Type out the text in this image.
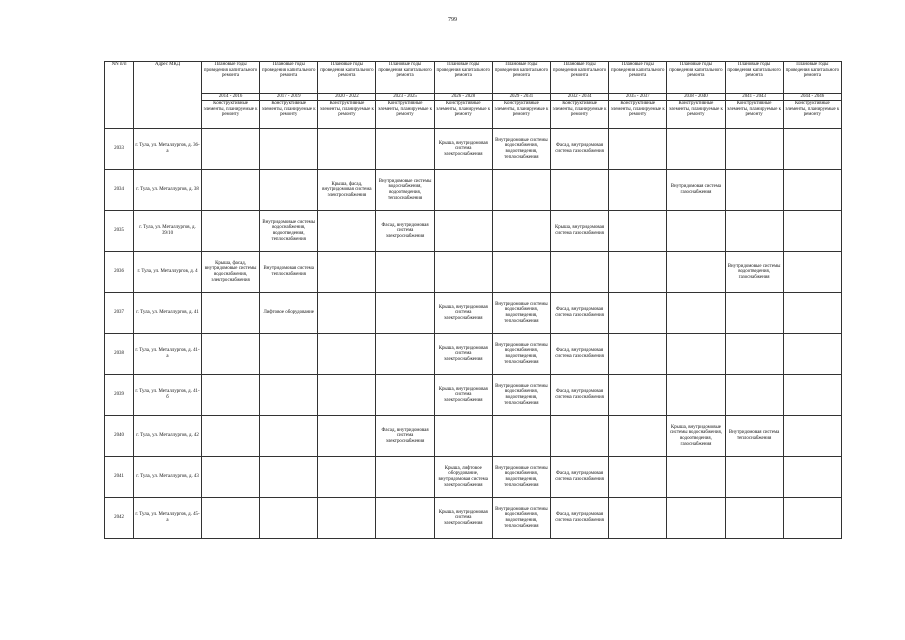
799
NN п/п	Адрес МКД	Плановые годы проведения капитального ремонта	Плановые годы проведения капитального ремонта	Плановые годы проведения капитального ремонта	Плановые годы проведения капитального ремонта	Плановые годы проведения капитального ремонта	Плановые годы проведения капитального ремонта	Плановые годы проведения капитального ремонта	Плановые годы проведения капитального ремонта	Плановые годы проведения капитального ремонта	Плановые годы проведения капитального ремонта	Плановые годы проведения капитального ремонта
		2014 - 2016	2017 - 2019	2020 - 2022	2023 - 2025	2026 - 2028	2029 - 2031	2032 - 2034	2035 - 2037	2038 - 2040	2041 - 2043	2044 - 2046
		Конструктивные элементы, планируемые к ремонту	Конструктивные элементы, планируемые к ремонту	Конструктивные элементы, планируемые к ремонту	Конструктивные элементы, планируемые к ремонту	Конструктивные элементы, планируемые к ремонту	Конструктивные элементы, планируемые к ремонту	Конструктивные элементы, планируемые к ремонту	Конструктивные элементы, планируемые к ремонту	Конструктивные элементы, планируемые к ремонту	Конструктивные элементы, планируемые к ремонту	Конструктивные элементы, планируемые к ремонту
2033	г. Тула, ул. Металлургов, д. 36-а					Крыша, внутридомовая система электроснабжения	Внутридомовые системы водоснабжения, водоотведения, теплоснабжения	Фасад, внутридомовая система газоснабжения				
2034	г. Тула, ул. Металлургов, д. 38			Крыша, фасад, внутридомовая система электроснабжения	Внутридомовые системы водоснабжения, водоотведения, теплоснабжения					Внутридомовая система газоснабжения		
2035	г. Тула, ул. Металлургов, д. 39/10		Внутридомовые системы водоснабжения, водоотведения, теплоснабжения		Фасад, внутридомовая система электроснабжения			Крыша, внутридомовая система газоснабжения				
2036	г. Тула, ул. Металлургов, д. 4	Крыша, фасад, внутридомовые системы водоснабжения, электроснабжения	Внутридомовая система теплоснабжения								Внутридомовые системы водоотведения, газоснабжения	
2037	г. Тула, ул. Металлургов, д. 41		Лифтовое оборудование			Крыша, внутридомовая система электроснабжения	Внутридомовые системы водоснабжения, водоотведения, теплоснабжения	Фасад, внутридомовая система газоснабжения				
2038	г. Тула, ул. Металлургов, д. 41-а					Крыша, внутридомовая система электроснабжения	Внутридомовые системы водоснабжения, водоотведения, теплоснабжения	Фасад, внутридомовая система газоснабжения				
2039	г. Тула, ул. Металлургов, д. 41-б					Крыша, внутридомовая система электроснабжения	Внутридомовые системы водоснабжения, водоотведения, теплоснабжения	Фасад, внутридомовая система газоснабжения				
2040	г. Тула, ул. Металлургов, д. 42				Фасад, внутридомовая система электроснабжения					Крыша, внутридомовые системы водоснабжения, водоотведения, газоснабжения	Внутридомовая система теплоснабжения	
2041	г. Тула, ул. Металлургов, д. 43					Крыша, лифтовое оборудование, внутридомовая система электроснабжения	Внутридомовые системы водоснабжения, водоотведения, теплоснабжения	Фасад, внутридомовая система газоснабжения				
2042	г. Тула, ул. Металлургов, д. 45-а					Крыша, внутридомовая система электроснабжения	Внутридомовые системы водоснабжения, водоотведения, теплоснабжения	Фасад, внутридомовая система газоснабжения				
